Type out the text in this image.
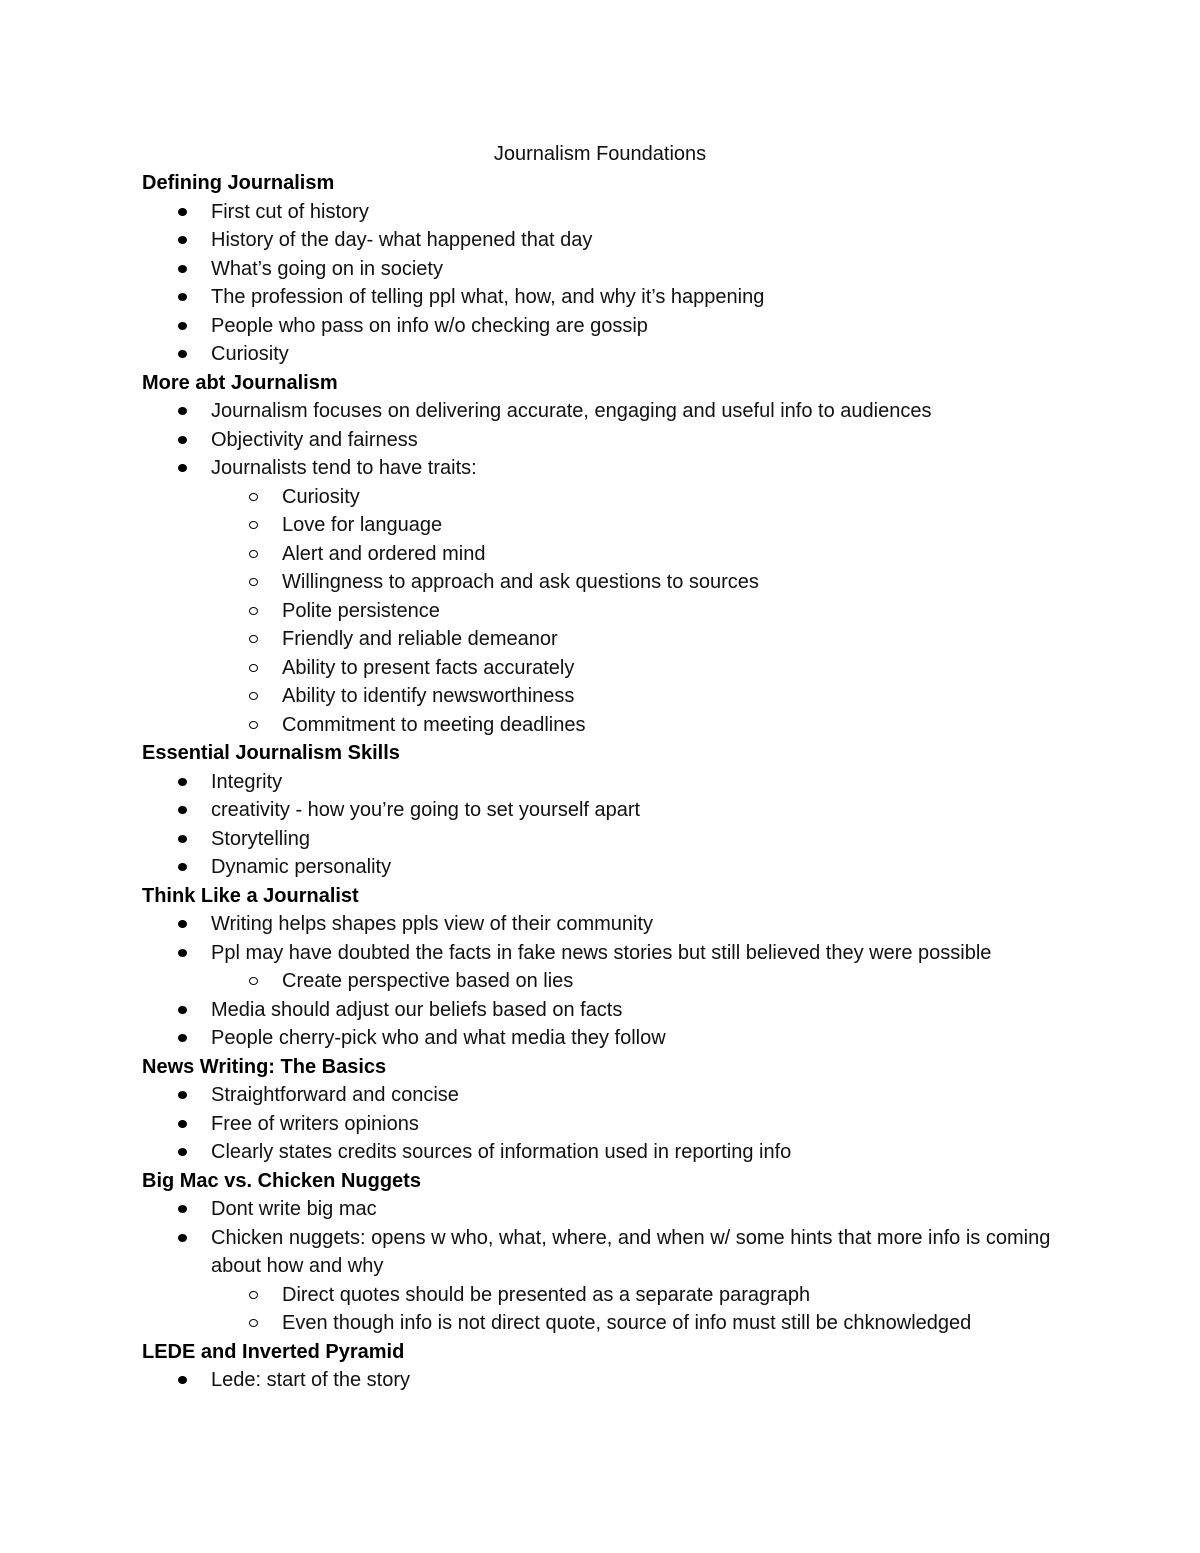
Journalism Foundations
Defining Journalism
First cut of history
History of the day- what happened that day
What’s going on in society
The profession of telling ppl what, how, and why it’s happening
People who pass on info w/o checking are gossip
Curiosity
More abt Journalism
Journalism focuses on delivering accurate, engaging and useful info to audiences
Objectivity and fairness
Journalists tend to have traits:
Curiosity
Love for language
Alert and ordered mind
Willingness to approach and ask questions to sources
Polite persistence
Friendly and reliable demeanor
Ability to present facts accurately
Ability to identify newsworthiness
Commitment to meeting deadlines
Essential Journalism Skills
Integrity
creativity - how you’re going to set yourself apart
Storytelling
Dynamic personality
Think Like a Journalist
Writing helps shapes ppls view of their community
Ppl may have doubted the facts in fake news stories but still believed they were possible
Create perspective based on lies
Media should adjust our beliefs based on facts
People cherry-pick who and what media they follow
News Writing: The Basics
Straightforward and concise
Free of writers opinions
Clearly states credits sources of information used in reporting info
Big Mac vs. Chicken Nuggets
Dont write big mac
Chicken nuggets: opens w who, what, where, and when w/ some hints that more info is coming about how and why
Direct quotes should be presented as a separate paragraph
Even though info is not direct quote, source of info must still be chknowledged
LEDE and Inverted Pyramid
Lede: start of the story
